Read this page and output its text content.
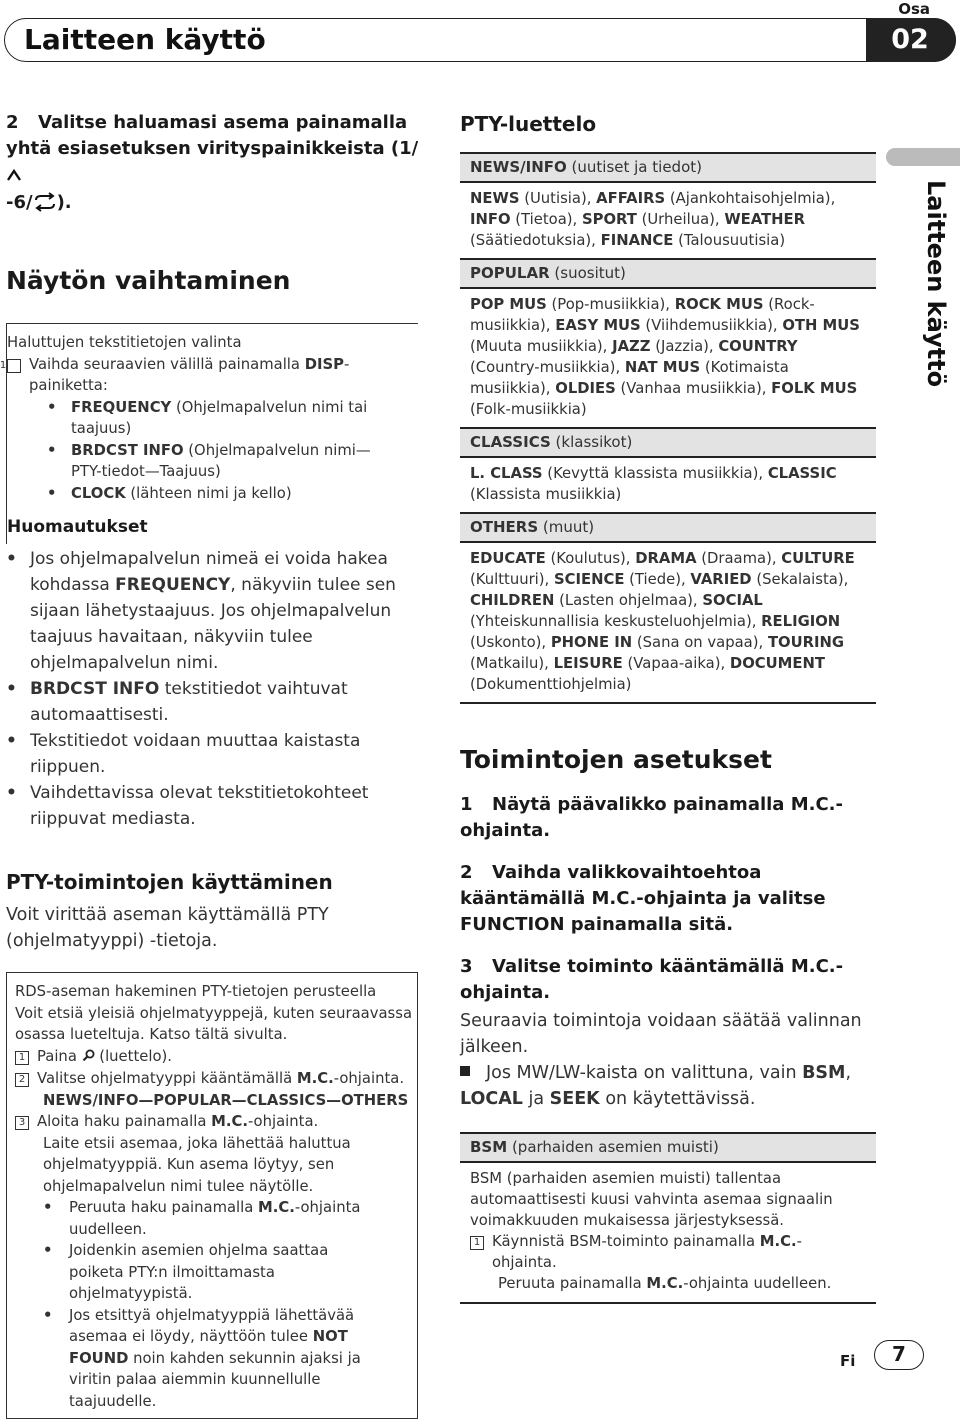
Laitteen käyttö
Osa
02
Laitteen käyttö
2 Valitse haluamasi asema painamalla yhtä esiasetuksen virityspainikkeista (1/
-6/ ).
Näytön vaihtaminen
Haluttujen tekstitietojen valinta
1 Vaihda seuraavien välillä painamalla DISP-painiketta:
• FREQUENCY (Ohjelmapalvelun nimi tai taajuus)
• BRDCST INFO (Ohjelmapalvelun nimi—PTY-tiedot—Taajuus)
• CLOCK (lähteen nimi ja kello)
Huomautukset
• Jos ohjelmapalvelun nimeä ei voida hakea kohdassa FREQUENCY, näkyviin tulee sen sijaan lähetystaajuus. Jos ohjelmapalvelun taajuus havaitaan, näkyviin tulee ohjelmapalvelun nimi.
• BRDCST INFO tekstitiedot vaihtuvat automaattisesti.
• Tekstitiedot voidaan muuttaa kaistasta riippuen.
• Vaihdettavissa olevat tekstitietokohteet riippuvat mediasta.
PTY-toimintojen käyttäminen
Voit virittää aseman käyttämällä PTY (ohjelmatyyppi) -tietoja.
RDS-aseman hakeminen PTY-tietojen perusteella
Voit etsiä yleisiä ohjelmatyyppejä, kuten seuraavassa osassa lueteltuja. Katso tältä sivulta.
1 Paina  (luettelo).
2 Valitse ohjelmatyyppi kääntämällä M.C.-ohjainta.
NEWS/INFO—POPULAR—CLASSICS—OTHERS
3 Aloita haku painamalla M.C.-ohjainta.
Laite etsii asemaa, joka lähettää haluttua ohjelmatyyppiä. Kun asema löytyy, sen ohjelmapalvelun nimi tulee näytölle.
• Peruuta haku painamalla M.C.-ohjainta uudelleen.
• Joidenkin asemien ohjelma saattaa poiketa PTY:n ilmoittamasta ohjelmatyypistä.
• Jos etsittyä ohjelmatyyppiä lähettävää asemaa ei löydy, näyttöön tulee NOT FOUND noin kahden sekunnin ajaksi ja viritin palaa aiemmin kuunnellulle taajuudelle.
PTY-luettelo
NEWS/INFO (uutiset ja tiedot)
NEWS (Uutisia), AFFAIRS (Ajankohtaisohjelmia), INFO (Tietoa), SPORT (Urheilua), WEATHER (Säätiedotuksia), FINANCE (Talousuutisia)
POPULAR (suositut)
POP MUS (Pop-musiikkia), ROCK MUS (Rock-musiikkia), EASY MUS (Viihdemusiikkia), OTH MUS (Muuta musiikkia), JAZZ (Jazzia), COUNTRY (Country-musiikkia), NAT MUS (Kotimaista musiikkia), OLDIES (Vanhaa musiikkia), FOLK MUS (Folk-musiikkia)
CLASSICS (klassikot)
L. CLASS (Kevyttä klassista musiikkia), CLASSIC (Klassista musiikkia)
OTHERS (muut)
EDUCATE (Koulutus), DRAMA (Draama), CULTURE (Kulttuuri), SCIENCE (Tiede), VARIED (Sekalaista), CHILDREN (Lasten ohjelmaa), SOCIAL (Yhteiskunnallisia keskusteluohjelmia), RELIGION (Uskonto), PHONE IN (Sana on vapaa), TOURING (Matkailu), LEISURE (Vapaa-aika), DOCUMENT (Dokumenttiohjelmia)
Toimintojen asetukset
1 Näytä päävalikko painamalla M.C.-ohjainta.
2 Vaihda valikkovaihtoehtoa kääntämällä M.C.-ohjainta ja valitse FUNCTION painamalla sitä.
3 Valitse toiminto kääntämällä M.C.-ohjainta.
Seuraavia toimintoja voidaan säätää valinnan jälkeen.
Jos MW/LW-kaista on valittuna, vain BSM,
LOCAL ja SEEK on käytettävissä.
BSM (parhaiden asemien muisti)
BSM (parhaiden asemien muisti) tallentaa automaattisesti kuusi vahvinta asemaa signaalin voimakkuuden mukaisessa järjestyksessä.
1 Käynnistä BSM-toiminto painamalla M.C.-ohjainta.
Peruuta painamalla M.C.-ohjainta uudelleen.
Fi	7
